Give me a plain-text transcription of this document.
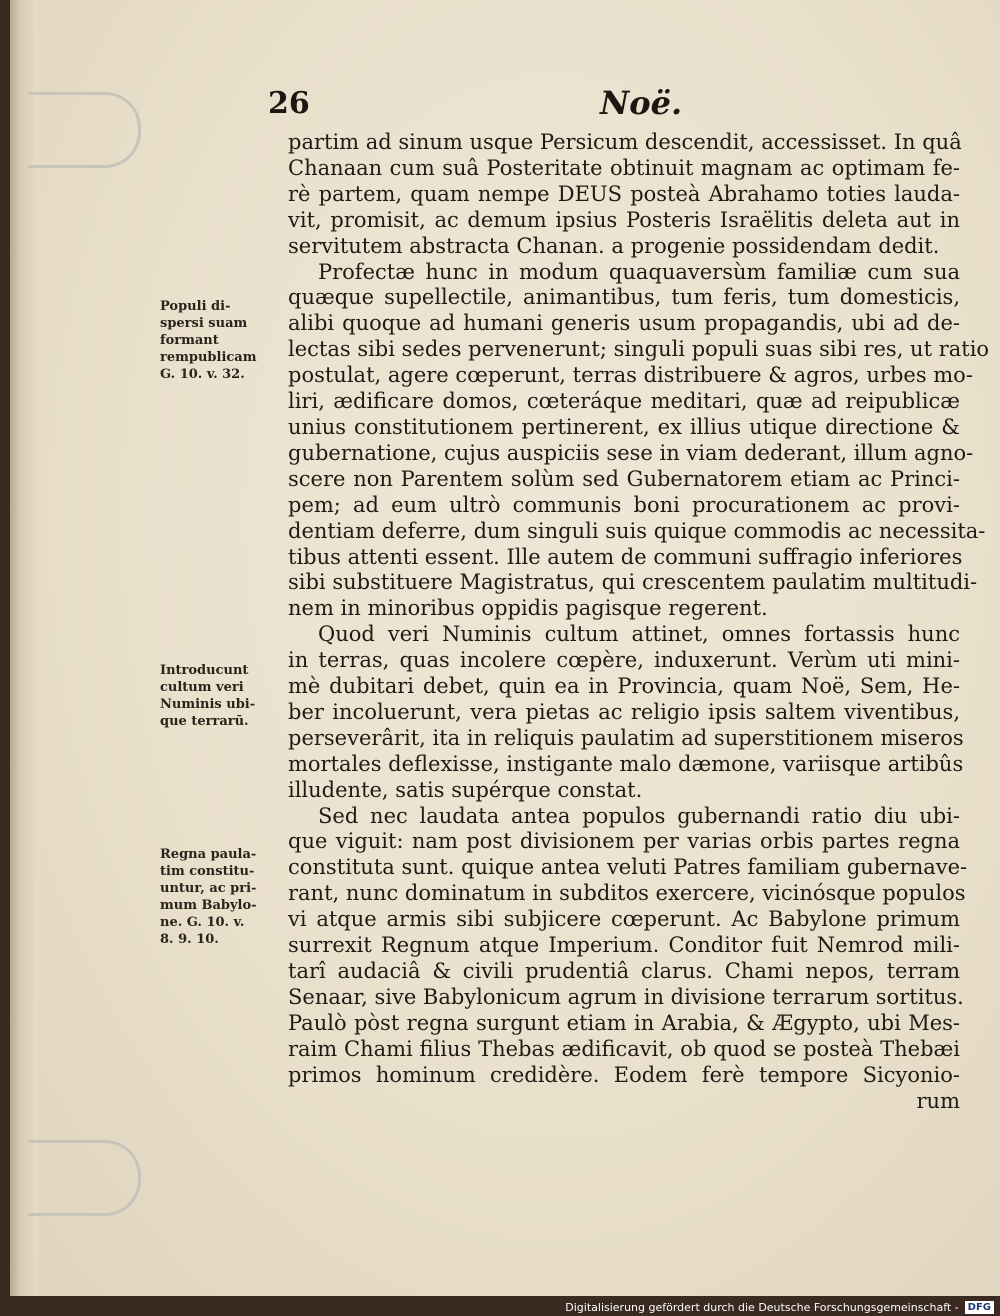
26	Noë.
Populi di-
spersi suam
formant
rempublicam
G. 10. v. 32.
Introducunt
cultum veri
Numinis ubi-
que terrarū.
Regna paula-
tim constitu-
untur, ac pri-
mum Babylo-
ne. G. 10. v.
8. 9. 10.

partim ad sinum usque Persicum descendit, accessisset. In quâ
Chanaan cum suâ Posteritate obtinuit magnam ac optimam fe-
rè partem, quam nempe DEUS posteà Abrahamo toties lauda-
vit, promisit, ac demum ipsius Posteris Israëlitis deleta aut in
servitutem abstracta Chanan. a progenie possidendam dedit.

Profectæ hunc in modum quaquaversùm familiæ cum sua
quæque supellectile, animantibus, tum feris, tum domesticis,
alibi quoque ad humani generis usum propagandis, ubi ad de-
lectas sibi sedes pervenerunt; singuli populi suas sibi res, ut ratio
postulat, agere cœperunt, terras distribuere & agros, urbes mo-
liri, ædificare domos, cœteráque meditari, quæ ad reipublicæ
unius constitutionem pertinerent, ex illius utique directione &
gubernatione, cujus auspiciis sese in viam dederant, illum agno-
scere non Parentem solùm sed Gubernatorem etiam ac Princi-
pem; ad eum ultrò communis boni procurationem ac provi-
dentiam deferre, dum singuli suis quique commodis ac necessita-
tibus attenti essent. Ille autem de communi suffragio inferiores
sibi substituere Magistratus, qui crescentem paulatim multitudi-
nem in minoribus oppidis pagisque regerent.

Quod veri Numinis cultum attinet, omnes fortassis hunc
in terras, quas incolere cœpère, induxerunt. Verùm uti mini-
mè dubitari debet, quin ea in Provincia, quam Noë, Sem, He-
ber incoluerunt, vera pietas ac religio ipsis saltem viventibus,
perseverârit, ita in reliquis paulatim ad superstitionem miseros
mortales deflexisse, instigante malo dæmone, variisque artibûs
illudente, satis supérque constat.

Sed nec laudata antea populos gubernandi ratio diu ubi-
que viguit: nam post divisionem per varias orbis partes regna
constituta sunt. quique antea veluti Patres familiam gubernave-
rant, nunc dominatum in subditos exercere, vicinósque populos
vi atque armis sibi subjicere cœperunt. Ac Babylone primum
surrexit Regnum atque Imperium. Conditor fuit Nemrod mili-
tarî audaciâ & civili prudentiâ clarus. Chami nepos, terram
Senaar, sive Babylonicum agrum in divisione terrarum sortitus.
Paulò pòst regna surgunt etiam in Arabia, & Ægypto, ubi Mes-
raim Chami filius Thebas ædificavit, ob quod se posteà Thebæi
primos hominum credidère. Eodem ferè tempore Sicyonio-
rum

Digitalisierung gefördert durch die Deutsche Forschungsgemeinschaft - DFG
